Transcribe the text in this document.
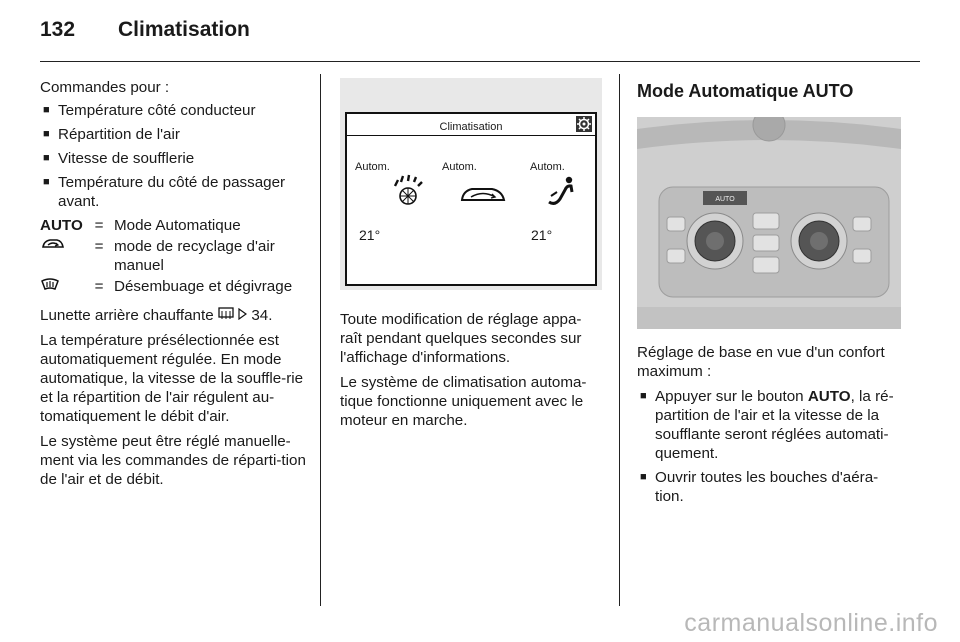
132 Climatisation
Commandes pour :
■ Température côté conducteur
■ Répartition de l'air
■ Vitesse de soufflerie
■ Température du côté de passager avant.
AUTO = Mode Automatique
= mode de recyclage d'air manuel
= Désembuage et dégivrage

Lunette arrière chauffante 34.

La température présélectionnée est automatiquement régulée. En mode automatique, la vitesse de la souffle-rie et la répartition de l'air régulent au-tomatiquement le débit d'air.

Le système peut être réglé manuelle-ment via les commandes de réparti-tion de l'air et de débit.

Climatisation
Autom.	Autom.	Autom.
21°	21°

Toute modification de réglage appa-raît pendant quelques secondes sur l'affichage d'informations.

Le système de climatisation automa-tique fonctionne uniquement avec le moteur en marche.

Mode Automatique AUTO
AUTO

Réglage de base en vue d'un confort maximum :

■ Appuyer sur le bouton AUTO, la ré-partition de l'air et la vitesse de la soufflante seront réglées automati-quement.
■ Ouvrir toutes les bouches d'aéra-tion.
carmanualsonline.info
